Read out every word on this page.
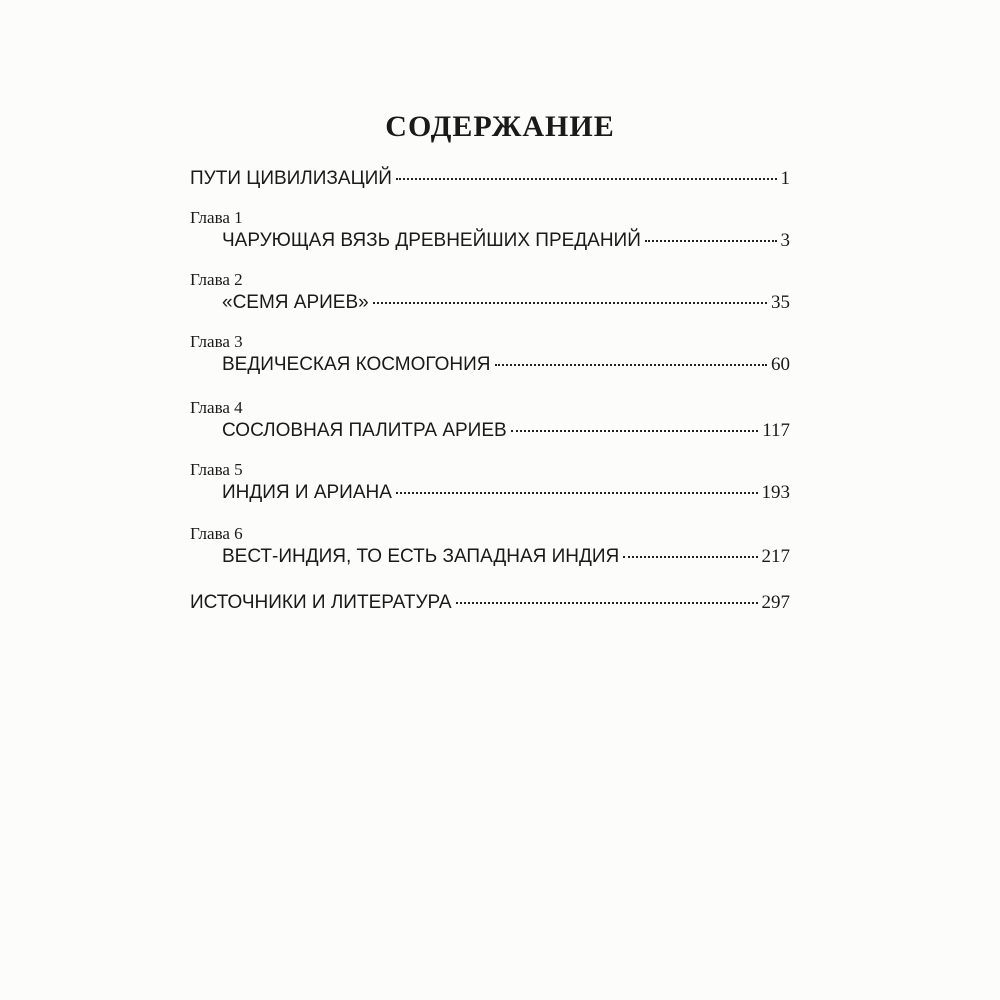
СОДЕРЖАНИЕ
ПУТИ ЦИВИЛИЗАЦИЙ	1
Глава 1
ЧАРУЮЩАЯ ВЯЗЬ ДРЕВНЕЙШИХ ПРЕДАНИЙ	3
Глава 2
«СЕМЯ АРИЕВ»	35
Глава 3
ВЕДИЧЕСКАЯ КОСМОГОНИЯ	60
Глава 4
СОСЛОВНАЯ ПАЛИТРА АРИЕВ	117
Глава 5
ИНДИЯ И АРИАНА	193
Глава 6
ВЕСТ-ИНДИЯ, ТО ЕСТЬ ЗАПАДНАЯ ИНДИЯ	217
ИСТОЧНИКИ И ЛИТЕРАТУРА	297
